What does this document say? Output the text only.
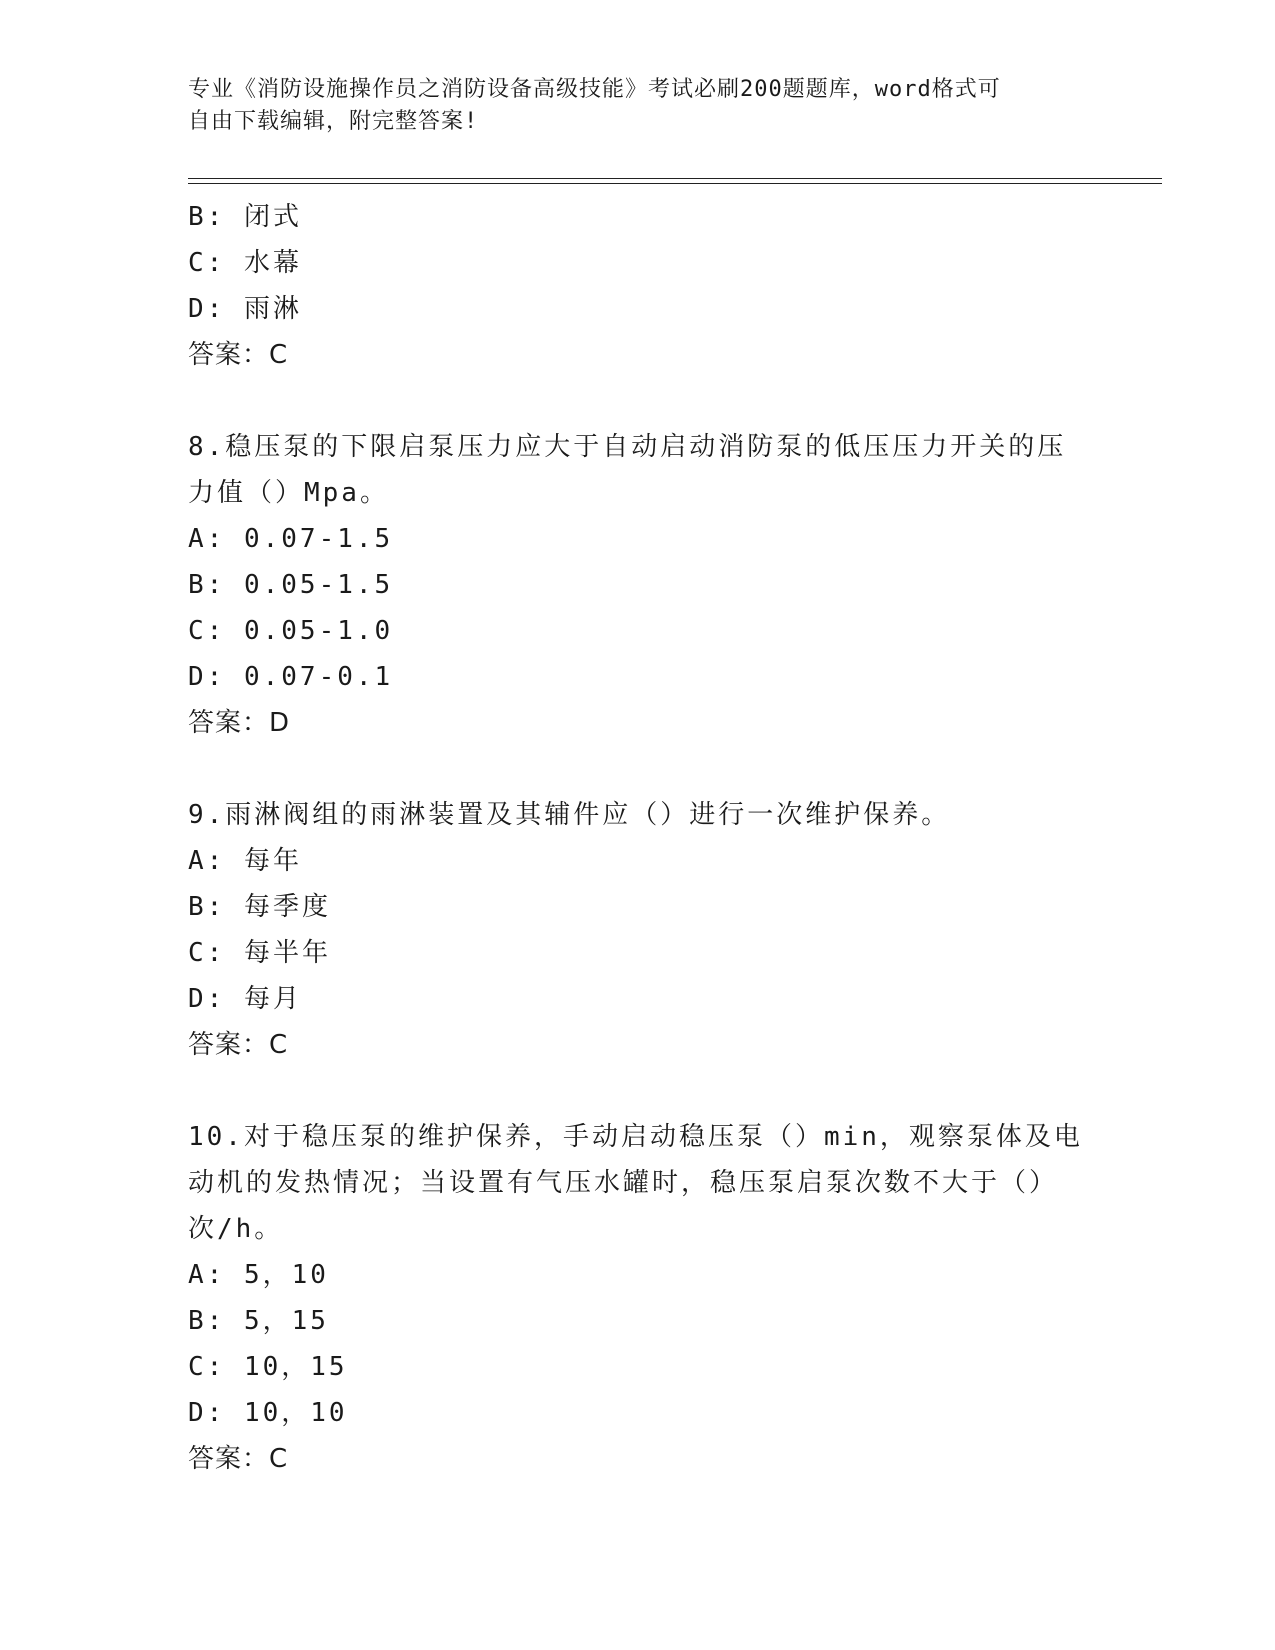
专业《消防设施操作员之消防设备高级技能》考试必刷200题题库，word格式可
自由下载编辑，附完整答案!
B: 闭式
C: 水幕
D: 雨淋
答案：C
8.稳压泵的下限启泵压力应大于自动启动消防泵的低压压力开关的压
力值（）Mpa。
A: 0.07-1.5
B: 0.05-1.5
C: 0.05-1.0
D: 0.07-0.1
答案：D
9.雨淋阀组的雨淋装置及其辅件应（）进行一次维护保养。
A: 每年
B: 每季度
C: 每半年
D: 每月
答案：C
10.对于稳压泵的维护保养，手动启动稳压泵（）min，观察泵体及电
动机的发热情况；当设置有气压水罐时，稳压泵启泵次数不大于（）
次/h。
A: 5，10
B: 5，15
C: 10，15
D: 10，10
答案：C
